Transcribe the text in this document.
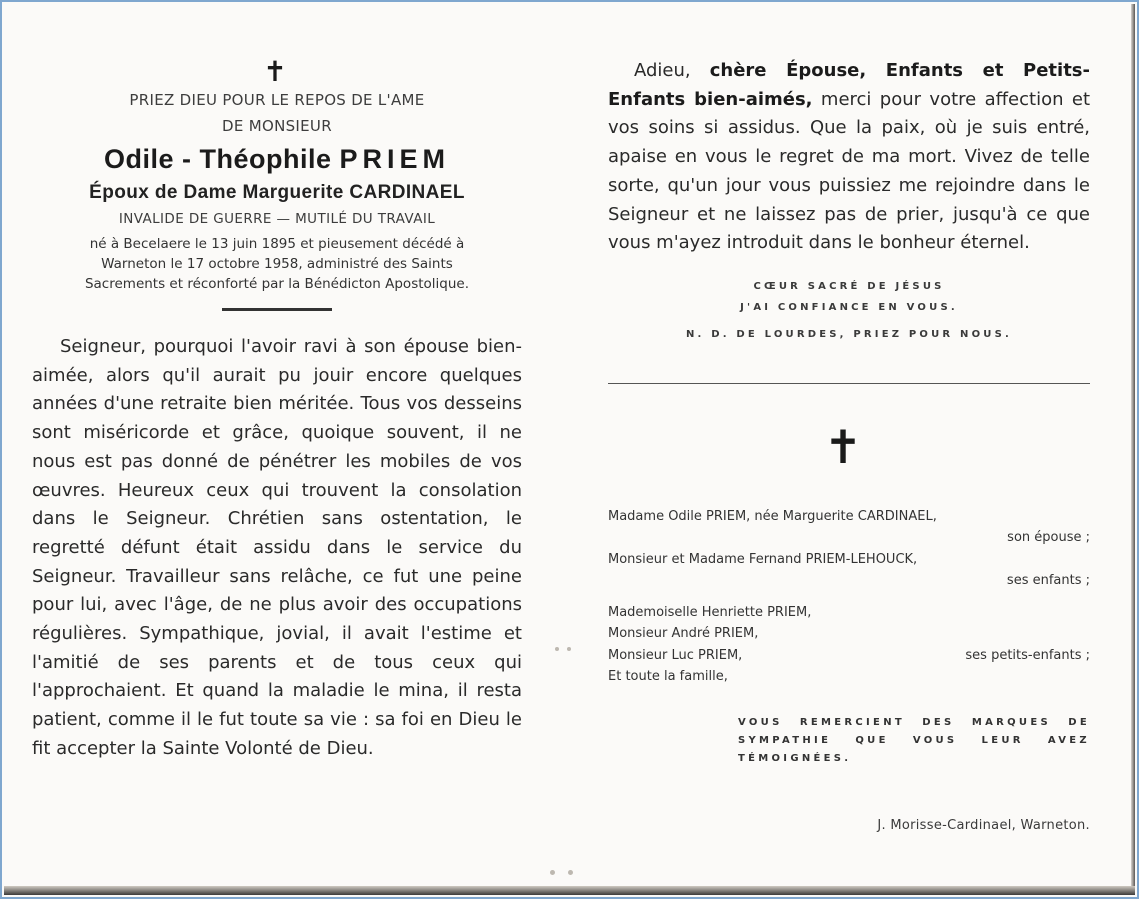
✝
PRIEZ DIEU POUR LE REPOS DE L'AME
DE MONSIEUR
Odile - Théophile PRIEM
Époux de Dame Marguerite CARDINAEL
INVALIDE DE GUERRE — MUTILÉ DU TRAVAIL
né à Becelaere le 13 juin 1895 et pieusement décédé à
Warneton le 17 octobre 1958, administré des Saints
Sacrements et réconforté par la Bénédicton Apostolique.

Seigneur, pourquoi l'avoir ravi à son épouse bien-aimée, alors qu'il aurait pu jouir encore quelques années d'une retraite bien méritée. Tous vos desseins sont miséricorde et grâce, quoique souvent, il ne nous est pas donné de pénétrer les mobiles de vos œuvres. Heureux ceux qui trouvent la consolation dans le Seigneur. Chrétien sans ostentation, le regretté défunt était assidu dans le service du Seigneur. Travailleur sans relâche, ce fut une peine pour lui, avec l'âge, de ne plus avoir des occupations régulières. Sympathique, jovial, il avait l'estime et l'amitié de ses parents et de tous ceux qui l'approchaient. Et quand la maladie le mina, il resta patient, comme il le fut toute sa vie : sa foi en Dieu le fit accepter la Sainte Volonté de Dieu.

Adieu, chère Épouse, Enfants et Petits-Enfants bien-aimés, merci pour votre affection et vos soins si assidus. Que la paix, où je suis entré, apaise en vous le regret de ma mort. Vivez de telle sorte, qu'un jour vous puissiez me rejoindre dans le Seigneur et ne laissez pas de prier, jusqu'à ce que vous m'ayez introduit dans le bonheur éternel.

CŒUR SACRÉ DE JÉSUS
J'AI CONFIANCE EN VOUS.
N. D. DE LOURDES, PRIEZ POUR NOUS.
✝
Madame Odile PRIEM, née Marguerite CARDINAEL,
son épouse ;
Monsieur et Madame Fernand PRIEM-LEHOUCK,
ses enfants ;
Mademoiselle Henriette PRIEM,
Monsieur André PRIEM,
Monsieur Luc PRIEM,	ses petits-enfants ;
Et toute la famille,
VOUS REMERCIENT DES MARQUES DE SYMPATHIE QUE VOUS LEUR AVEZ TÉMOIGNÉES.
J. Morisse-Cardinael, Warneton.
